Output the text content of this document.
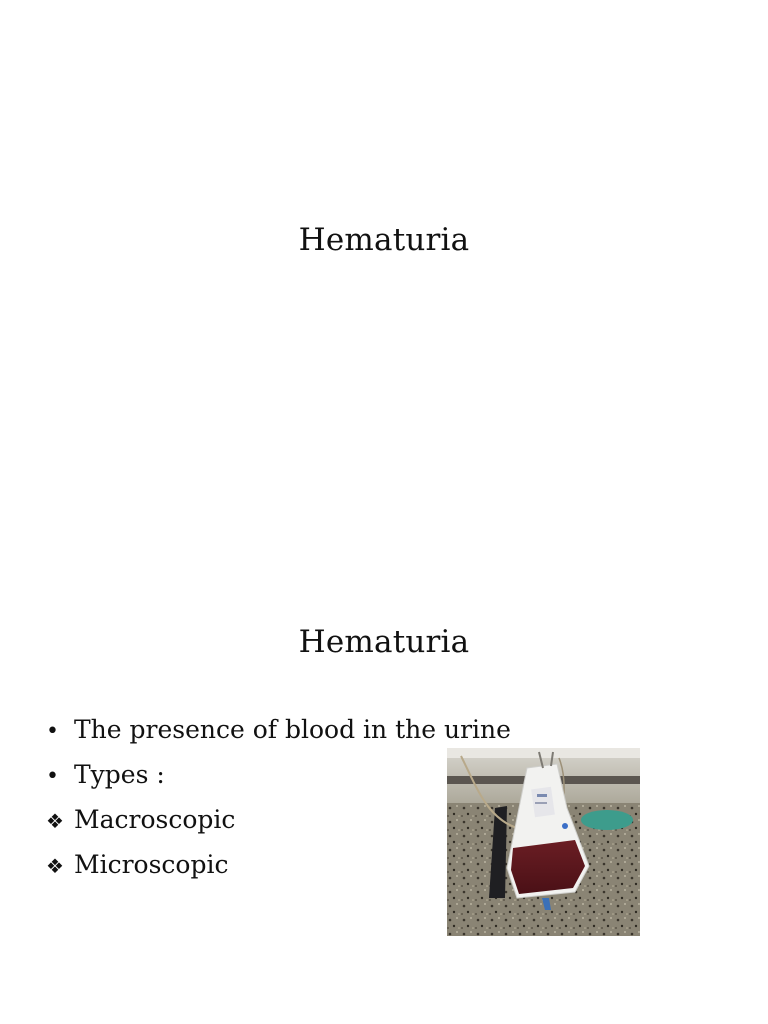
Hematuria
Hematuria
• The presence of blood in the urine
• Types :
❖ Macroscopic
❖ Microscopic
